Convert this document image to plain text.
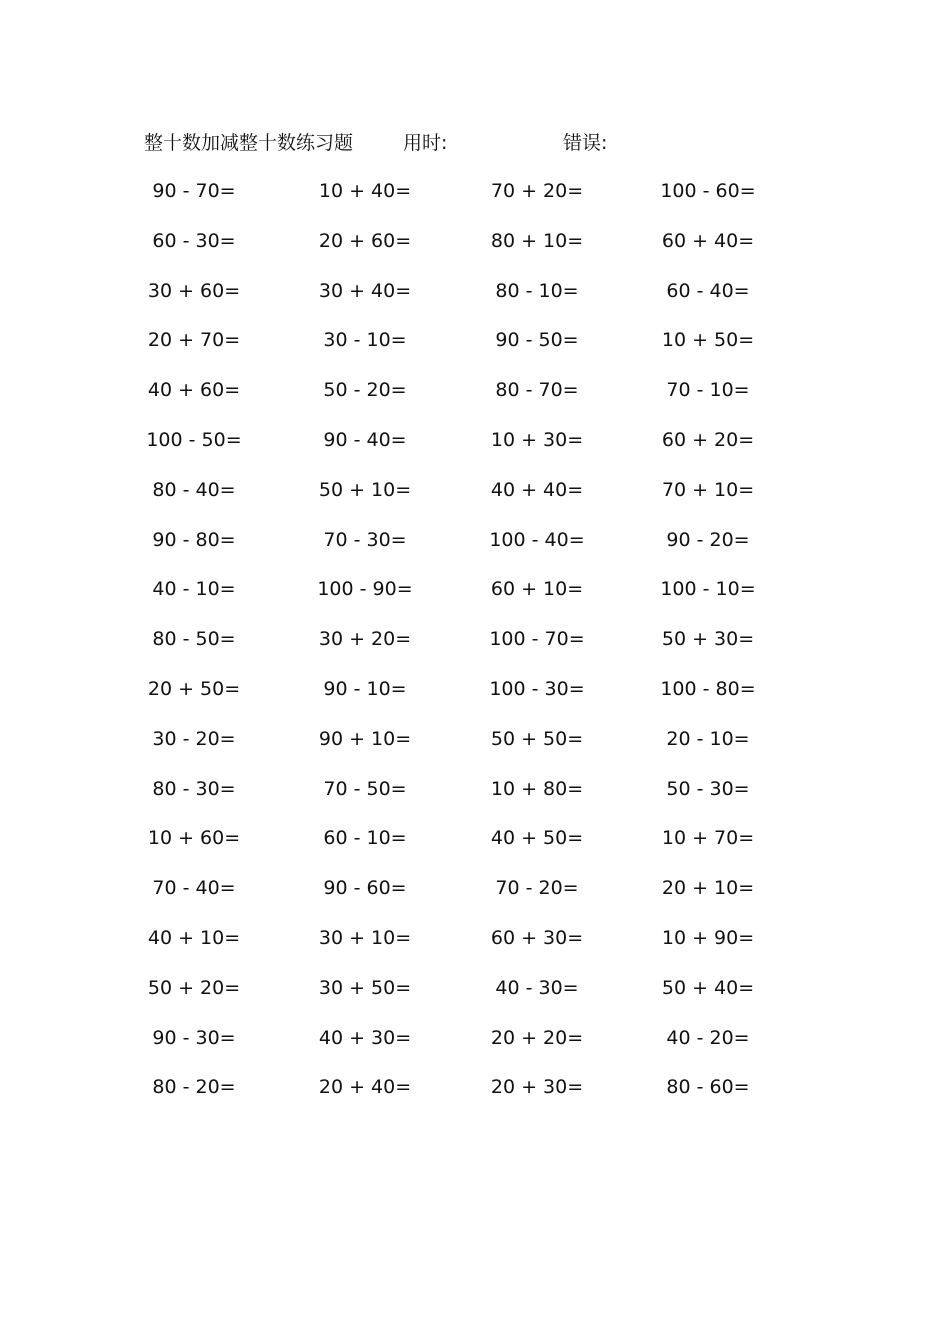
整十数加减整十数练习题	用时:	错误:
90 - 70=	10 + 40=	70 + 20=	100 - 60=
60 - 30=	20 + 60=	80 + 10=	60 + 40=
30 + 60=	30 + 40=	80 - 10=	60 - 40=
20 + 70=	30 - 10=	90 - 50=	10 + 50=
40 + 60=	50 - 20=	80 - 70=	70 - 10=
100 - 50=	90 - 40=	10 + 30=	60 + 20=
80 - 40=	50 + 10=	40 + 40=	70 + 10=
90 - 80=	70 - 30=	100 - 40=	90 - 20=
40 - 10=	100 - 90=	60 + 10=	100 - 10=
80 - 50=	30 + 20=	100 - 70=	50 + 30=
20 + 50=	90 - 10=	100 - 30=	100 - 80=
30 - 20=	90 + 10=	50 + 50=	20 - 10=
80 - 30=	70 - 50=	10 + 80=	50 - 30=
10 + 60=	60 - 10=	40 + 50=	10 + 70=
70 - 40=	90 - 60=	70 - 20=	20 + 10=
40 + 10=	30 + 10=	60 + 30=	10 + 90=
50 + 20=	30 + 50=	40 - 30=	50 + 40=
90 - 30=	40 + 30=	20 + 20=	40 - 20=
80 - 20=	20 + 40=	20 + 30=	80 - 60=
